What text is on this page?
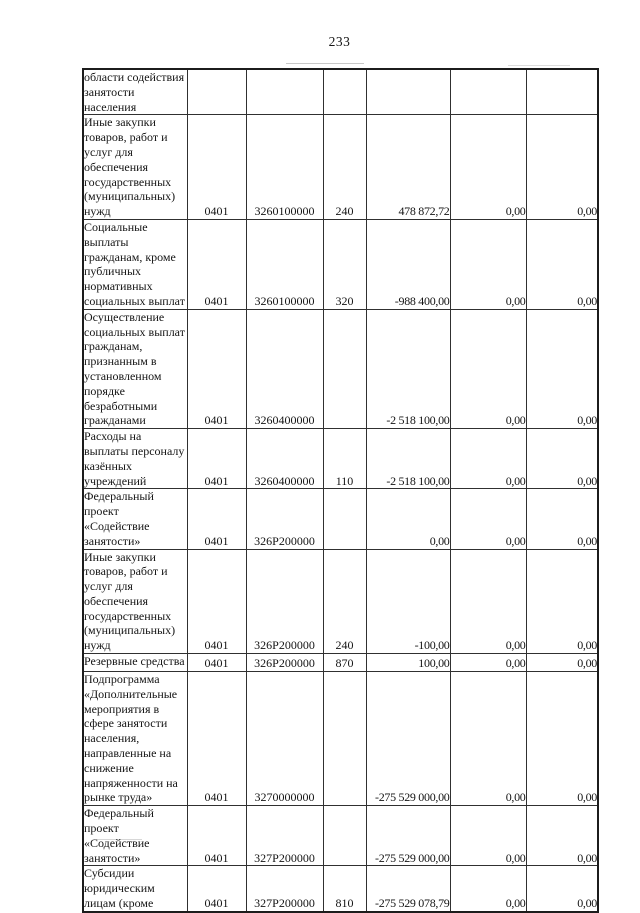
233
области содействия занятости населения						
Иные закупки товаров, работ и услуг для обеспечения государственных (муниципальных) нужд	0401	3260100000	240	478 872,72	0,00	0,00
Социальные выплаты гражданам, кроме публичных нормативных социальных выплат	0401	3260100000	320	-988 400,00	0,00	0,00
Осуществление социальных выплат гражданам, признанным в установленном порядке безработными гражданами	0401	3260400000		-2 518 100,00	0,00	0,00
Расходы на выплаты персоналу казённых учреждений	0401	3260400000	110	-2 518 100,00	0,00	0,00
Федеральный проект «Содействие занятости»	0401	326P200000		0,00	0,00	0,00
Иные закупки товаров, работ и услуг для обеспечения государственных (муниципальных) нужд	0401	326P200000	240	-100,00	0,00	0,00
Резервные средства	0401	326P200000	870	100,00	0,00	0,00
Подпрограмма «Дополнительные мероприятия в сфере занятости населения, направленные на снижение напряженности на рынке труда»	0401	3270000000		-275 529 000,00	0,00	0,00
Федеральный проект «Содействие занятости»	0401	327P200000		-275 529 000,00	0,00	0,00
Субсидии юридическим лицам (кроме	0401	327P200000	810	-275 529 078,79	0,00	0,00
